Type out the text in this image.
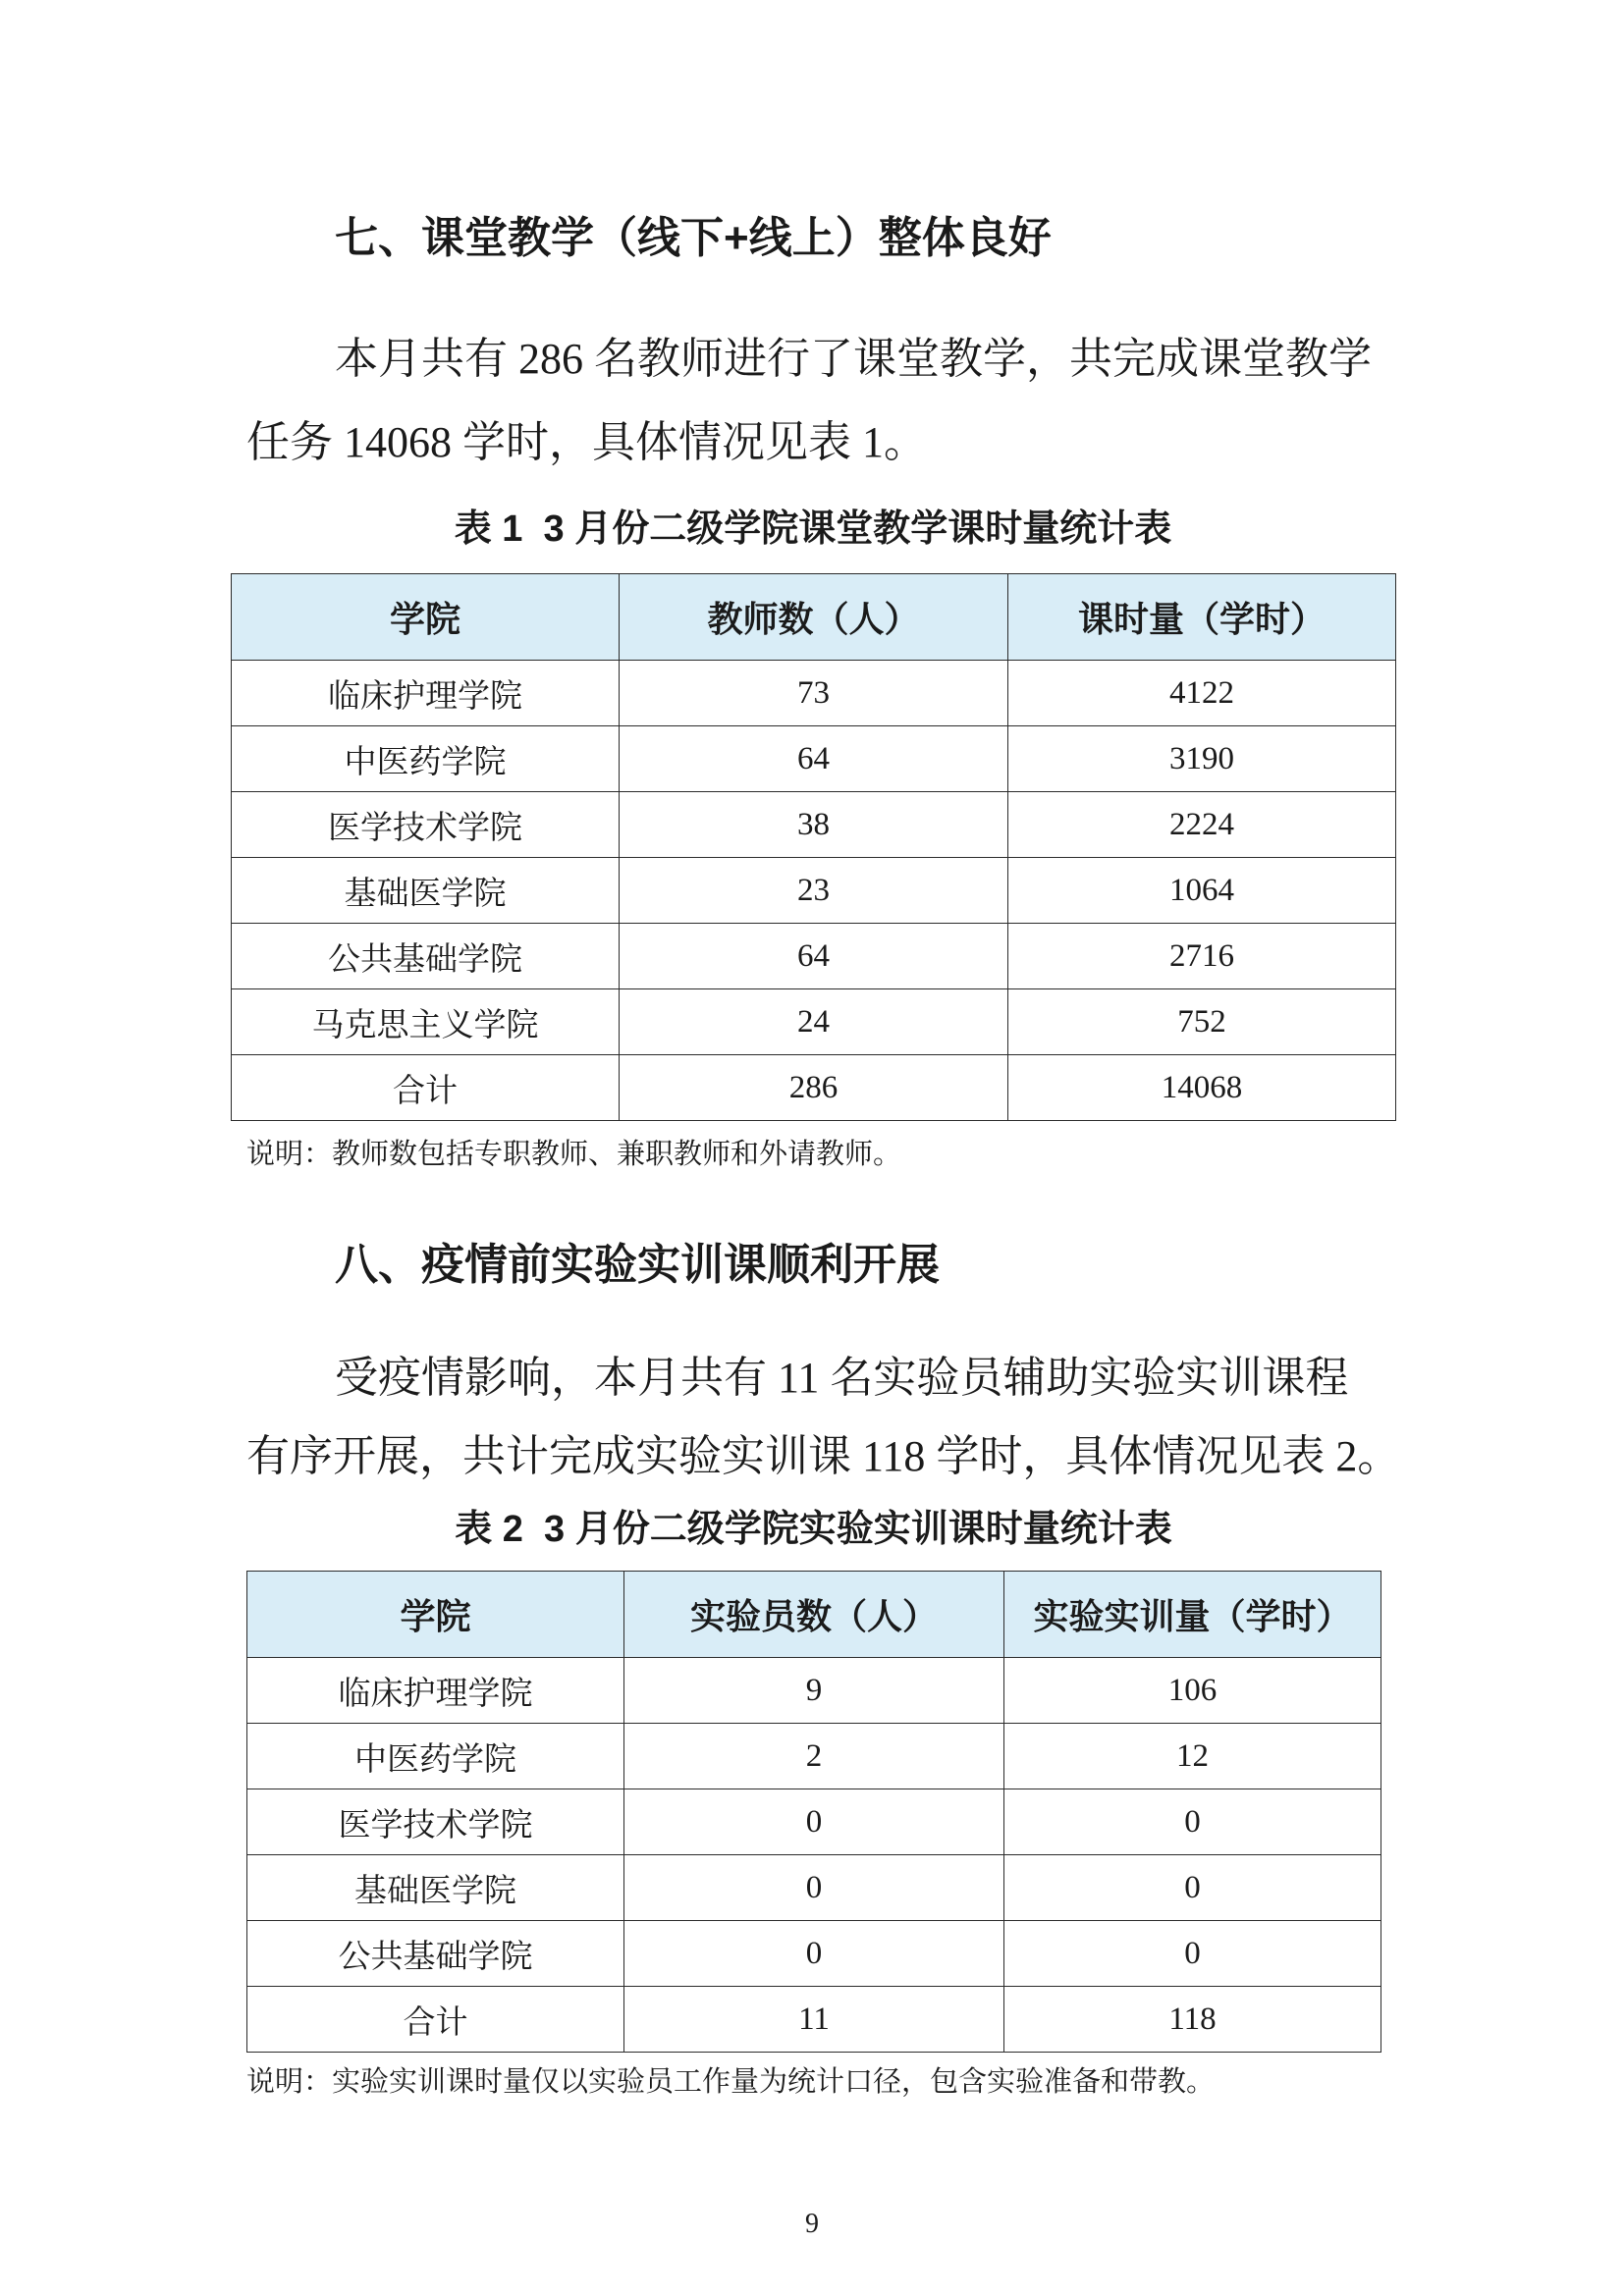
七、课堂教学（线下+线上）整体良好
本月共有 286 名教师进行了课堂教学，共完成课堂教学
任务 14068 学时，具体情况见表 1。
表 1  3 月份二级学院课堂教学课时量统计表
学院	教师数（人）	课时量（学时）
临床护理学院	73	4122
中医药学院	64	3190
医学技术学院	38	2224
基础医学院	23	1064
公共基础学院	64	2716
马克思主义学院	24	752
合计	286	14068
说明：教师数包括专职教师、兼职教师和外请教师。
八、疫情前实验实训课顺利开展
受疫情影响，本月共有 11 名实验员辅助实验实训课程
有序开展，共计完成实验实训课 118 学时，具体情况见表 2。
表 2  3 月份二级学院实验实训课时量统计表
学院	实验员数（人）	实验实训量（学时）
临床护理学院	9	106
中医药学院	2	12
医学技术学院	0	0
基础医学院	0	0
公共基础学院	0	0
合计	11	118
说明：实验实训课时量仅以实验员工作量为统计口径，包含实验准备和带教。
9
